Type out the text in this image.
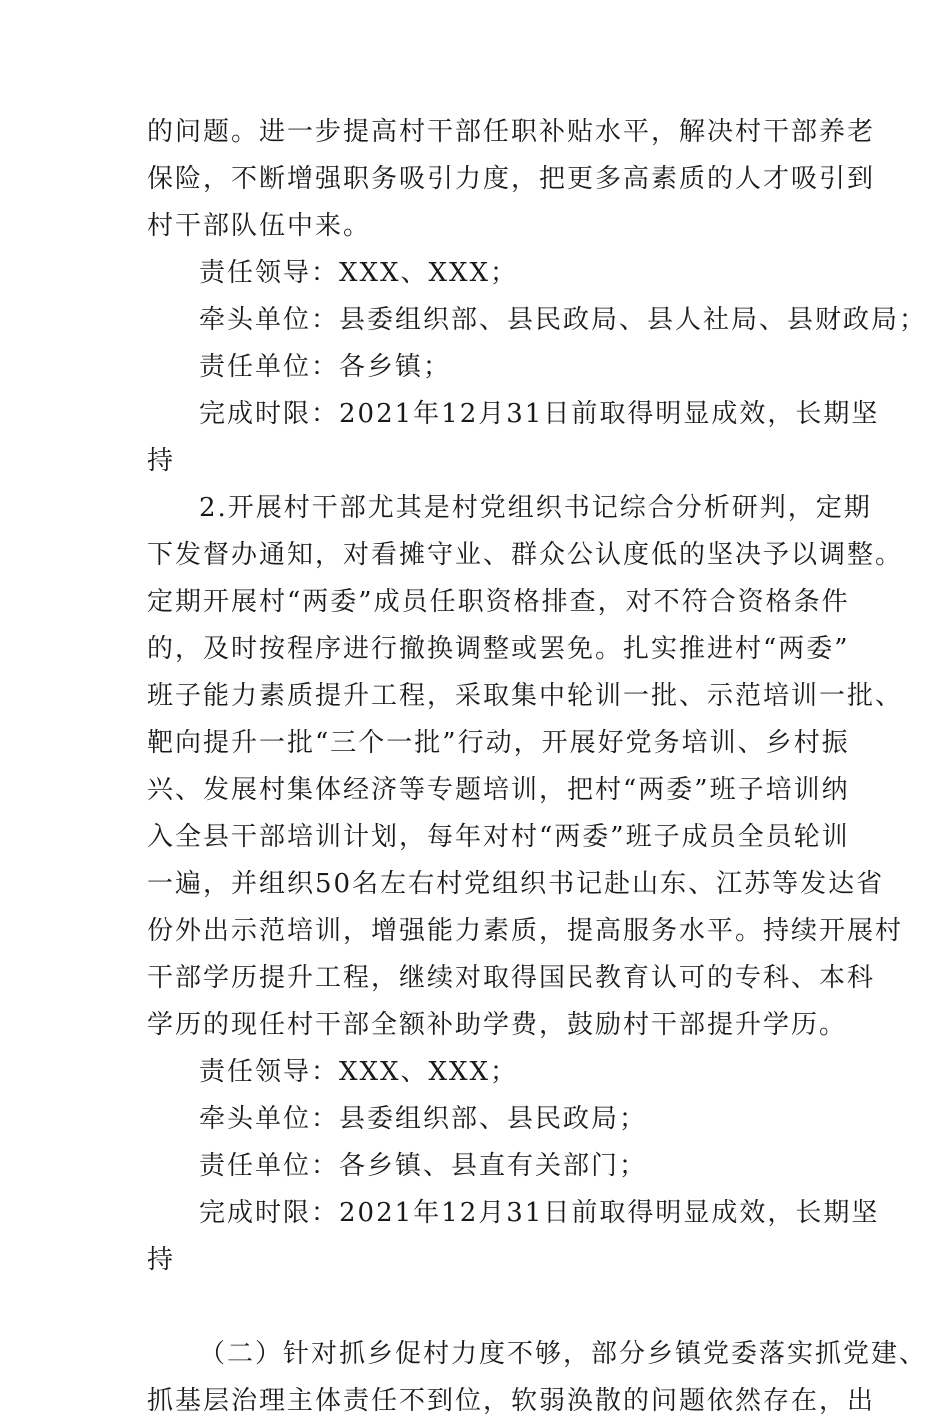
的问题。进一步提高村干部任职补贴水平，解决村干部养老
保险，不断增强职务吸引力度，把更多高素质的人才吸引到
村干部队伍中来。
责任领导：XXX、XXX；
牵头单位：县委组织部、县民政局、县人社局、县财政局；
责任单位：各乡镇；
完成时限：2021年12月31日前取得明显成效，长期坚
持
2.开展村干部尤其是村党组织书记综合分析研判，定期
下发督办通知，对看摊守业、群众公认度低的坚决予以调整。
定期开展村“两委”成员任职资格排查，对不符合资格条件
的，及时按程序进行撤换调整或罢免。扎实推进村“两委”
班子能力素质提升工程，采取集中轮训一批、示范培训一批、
靶向提升一批“三个一批”行动，开展好党务培训、乡村振
兴、发展村集体经济等专题培训，把村“两委”班子培训纳
入全县干部培训计划，每年对村“两委”班子成员全员轮训
一遍，并组织50名左右村党组织书记赴山东、江苏等发达省
份外出示范培训，增强能力素质，提高服务水平。持续开展村
干部学历提升工程，继续对取得国民教育认可的专科、本科
学历的现任村干部全额补助学费，鼓励村干部提升学历。
责任领导：XXX、XXX；
牵头单位：县委组织部、县民政局；
责任单位：各乡镇、县直有关部门；
完成时限：2021年12月31日前取得明显成效，长期坚
持
（二）针对抓乡促村力度不够，部分乡镇党委落实抓党建、
抓基层治理主体责任不到位，软弱涣散的问题依然存在，出
